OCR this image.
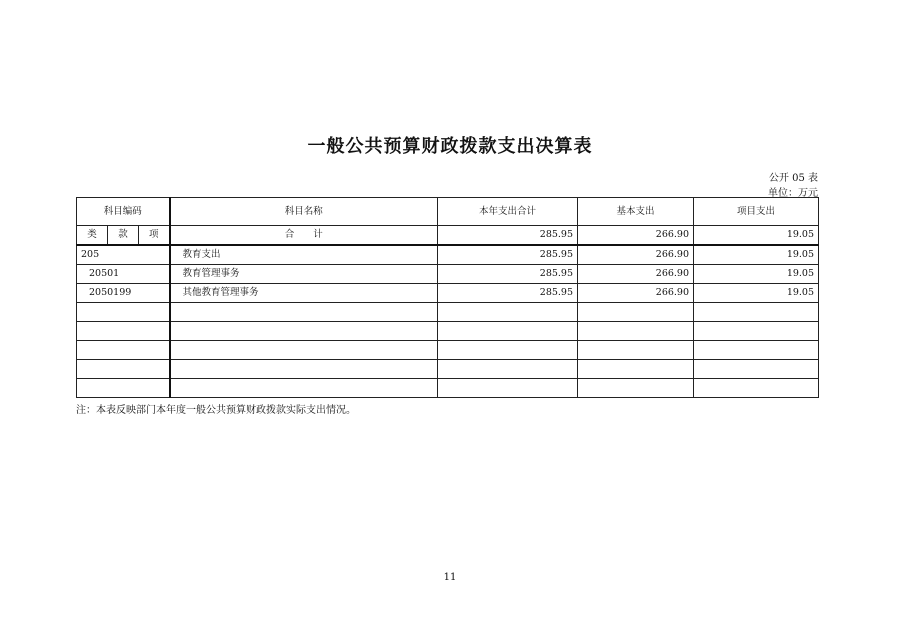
一般公共预算财政拨款支出决算表
公开 05 表
单位：万元
科目编码			科目名称	本年支出合计	基本支出	项目支出
类	款	项	合　　计	285.95	266.90	19.05
205			教育支出	285.95	266.90	19.05
20501			教育管理事务	285.95	266.90	19.05
2050199			其他教育管理事务	285.95	266.90	19.05

注：本表反映部门本年度一般公共预算财政拨款实际支出情况。
11
